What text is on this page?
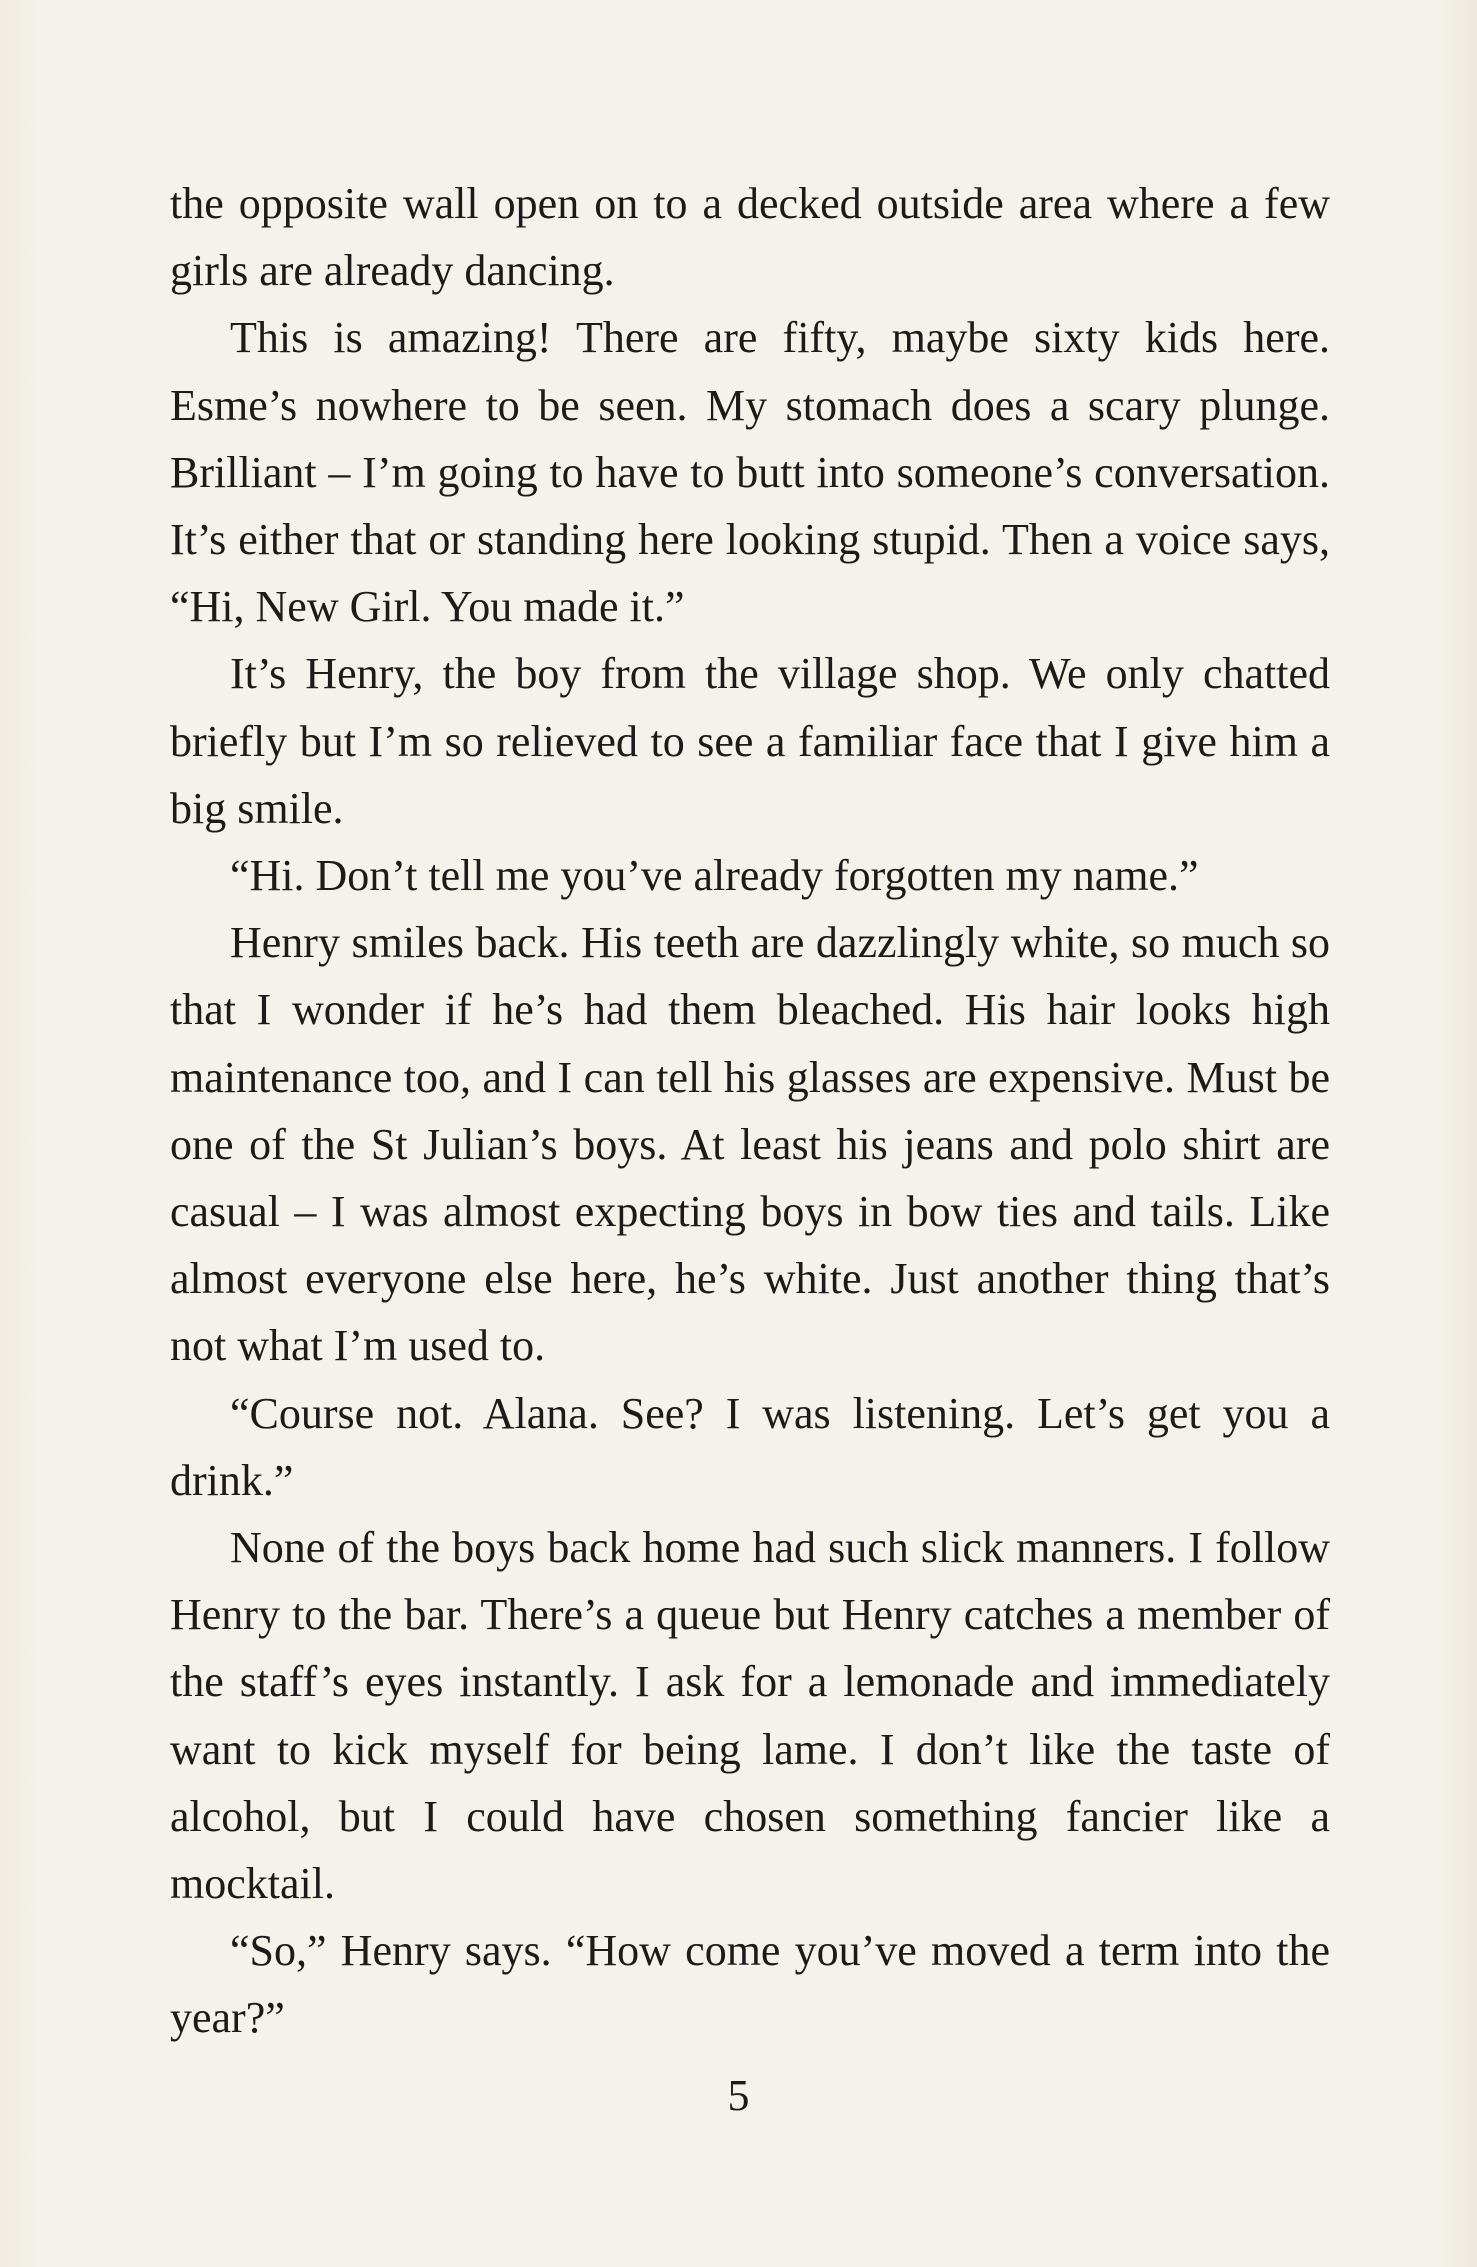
the opposite wall open on to a decked outside area where a few girls are already dancing.

This is amazing! There are fifty, maybe sixty kids here. Esme’s nowhere to be seen. My stomach does a scary plunge. Brilliant – I’m going to have to butt into someone’s conversation. It’s either that or standing here looking stupid. Then a voice says, “Hi, New Girl. You made it.”

It’s Henry, the boy from the village shop. We only chatted briefly but I’m so relieved to see a familiar face that I give him a big smile.

“Hi. Don’t tell me you’ve already forgotten my name.”

Henry smiles back. His teeth are dazzlingly white, so much so that I wonder if he’s had them bleached. His hair looks high maintenance too, and I can tell his glasses are expensive. Must be one of the St Julian’s boys. At least his jeans and polo shirt are casual – I was almost expecting boys in bow ties and tails. Like almost everyone else here, he’s white. Just another thing that’s not what I’m used to.

“Course not. Alana. See? I was listening. Let’s get you a drink.”

None of the boys back home had such slick manners. I follow Henry to the bar. There’s a queue but Henry catches a member of the staff’s eyes instantly. I ask for a lemonade and immediately want to kick myself for being lame. I don’t like the taste of alcohol, but I could have chosen something fancier like a mocktail.

“So,” Henry says. “How come you’ve moved a term into the year?”

5
